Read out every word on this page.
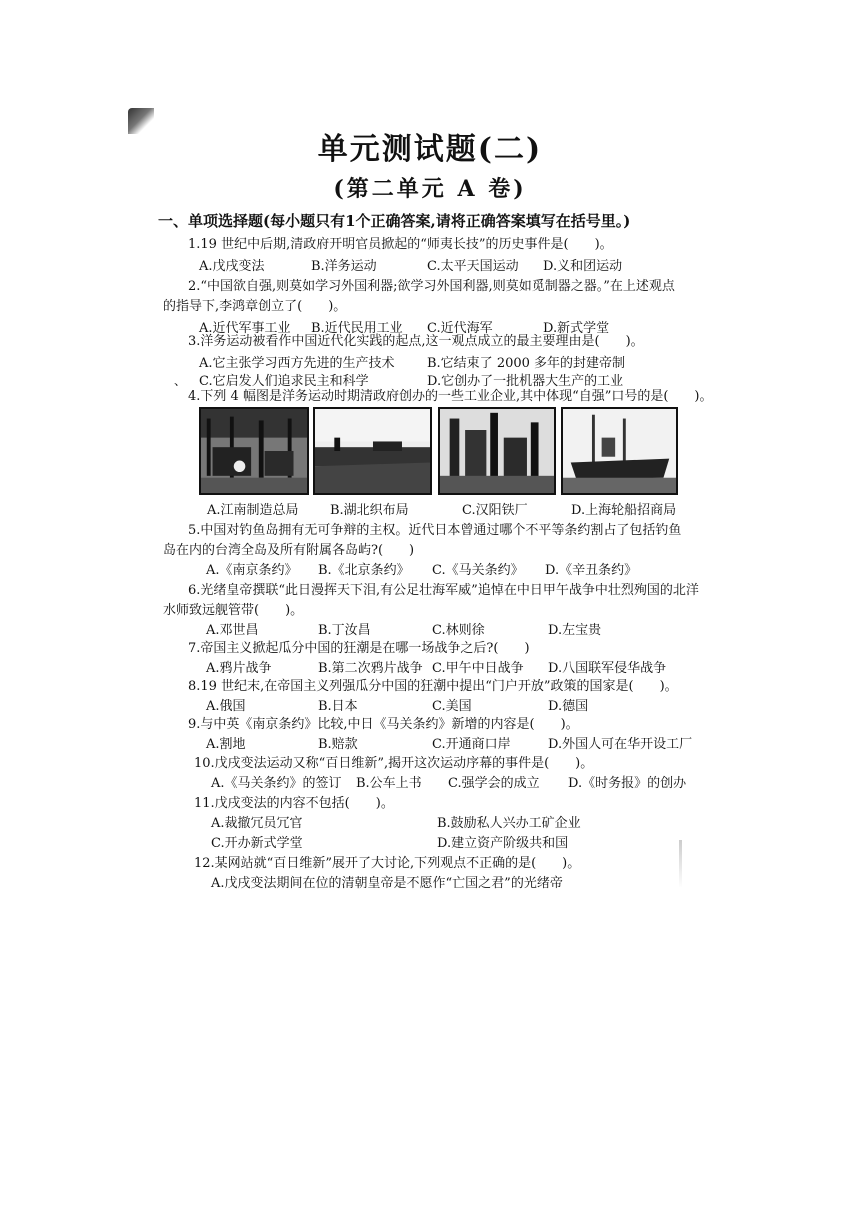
单元测试题(二)
(第二单元 A 卷)
一、单项选择题(每小题只有1个正确答案,请将正确答案填写在括号里。)
1.19 世纪中后期,清政府开明官员掀起的“师夷长技”的历史事件是(　　)。
A.戊戌变法	B.洋务运动	C.太平天国运动 D.义和团运动
2.“中国欲自强,则莫如学习外国利器;欲学习外国利器,则莫如觅制器之器。”在上述观点
的指导下,李鸿章创立了(　　)。
A.近代军事工业 B.近代民用工业 C.近代海军	D.新式学堂
3.洋务运动被看作中国近代化实践的起点,这一观点成立的最主要理由是(　　)。
A.它主张学习西方先进的生产技术 B.它结束了 2000 多年的封建帝制
、 C.它启发人们追求民主和科学	D.它创办了一批机器大生产的工业
4.下列 4 幅图是洋务运动时期清政府创办的一些工业企业,其中体现“自强”口号的是(　　)。
A.江南制造总局 B.湖北织布局	C.汉阳铁厂	D.上海轮船招商局
5.中国对钓鱼岛拥有无可争辩的主权。近代日本曾通过哪个不平等条约割占了包括钓鱼
岛在内的台湾全岛及所有附属各岛屿?(　　)
A.《南京条约》 B.《北京条约》 C.《马关条约》 D.《辛丑条约》
6.光绪皇帝撰联“此日漫挥天下泪,有公足壮海军威”追悼在中日甲午战争中壮烈殉国的北洋
水师致远舰管带(　　)。
A.邓世昌	B.丁汝昌	C.林则徐	D.左宝贵
7.帝国主义掀起瓜分中国的狂潮是在哪一场战争之后?(　　)
A.鸦片战争	B.第二次鸦片战争 C.甲午中日战争 D.八国联军侵华战争
8.19 世纪末,在帝国主义列强瓜分中国的狂潮中提出“门户开放”政策的国家是(　　)。
A.俄国	B.日本	C.美国	D.德国
9.与中英《南京条约》比较,中日《马关条约》新增的内容是(　　)。
A.割地	B.赔款	C.开通商口岸	D.外国人可在华开设工厂
10.戊戌变法运动又称“百日维新”,揭开这次运动序幕的事件是(　　)。
A.《马关条约》的签订 B.公车上书 C.强学会的成立 D.《时务报》的创办
11.戊戌变法的内容不包括(　　)。
A.裁撤冗员冗官	B.鼓励私人兴办工矿企业
C.开办新式学堂	D.建立资产阶级共和国
12.某网站就“百日维新”展开了大讨论,下列观点不正确的是(　　)。
A.戊戌变法期间在位的清朝皇帝是不愿作“亡国之君”的光绪帝
